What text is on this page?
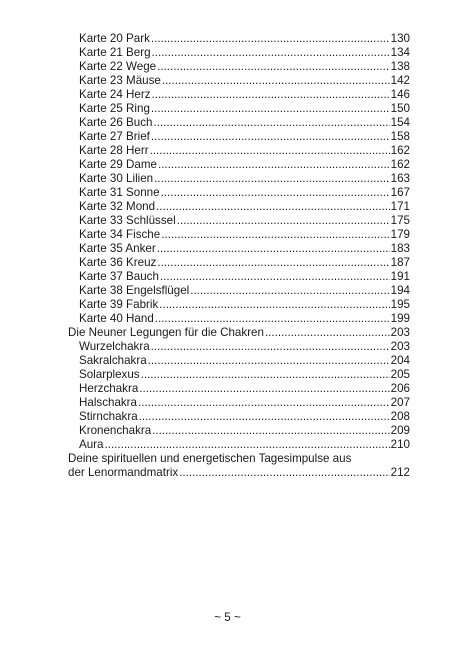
Karte 20 Park .....	130
Karte 21 Berg .....	134
Karte 22 Wege .....	138
Karte 23 Mäuse .....	142
Karte 24 Herz .....	146
Karte 25 Ring .....	150
Karte 26 Buch .....	154
Karte 27 Brief .....	158
Karte 28 Herr .....	162
Karte 29 Dame .....	162
Karte 30 Lilien .....	163
Karte 31 Sonne .....	167
Karte 32 Mond .....	171
Karte 33 Schlüssel .....	175
Karte 34 Fische .....	179
Karte 35 Anker .....	183
Karte 36 Kreuz .....	187
Karte 37 Bauch .....	191
Karte 38 Engelsflügel .....	194
Karte 39 Fabrik .....	195
Karte 40 Hand .....	199
Die Neuner Legungen für die Chakren .....	203
Wurzelchakra .....	203
Sakralchakra .....	204
Solarplexus .....	205
Herzchakra .....	206
Halschakra .....	207
Stirnchakra .....	208
Kronenchakra .....	209
Aura .....	210
Deine spirituellen und energetischen Tagesimpulse aus
der Lenormandmatrix .....	212
~ 5 ~
